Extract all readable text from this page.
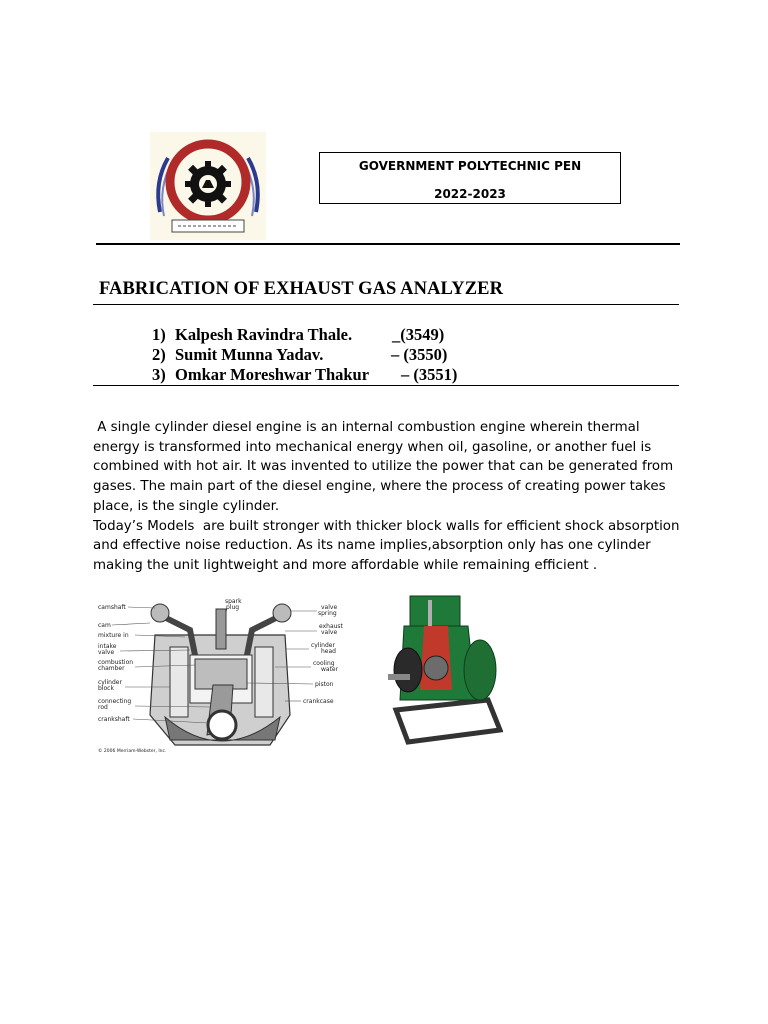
GOVERNMENT POLYTECHNIC PEN
2022-2023
FABRICATION OF EXHAUST GAS ANALYZER
1) Kalpesh Ravindra Thale. _(3549)
2) Sumit Munna Yadav.	– (3550)
3) Omkar Moreshwar Thakur – (3551)

A single cylinder diesel engine is an internal combustion engine wherein thermal
energy is transformed into mechanical energy when oil, gasoline, or another fuel is
combined with hot air. It was invented to utilize the power that can be generated from
gases. The main part of the diesel engine, where the process of creating power takes
place, is the single cylinder.

Today’s Models  are built stronger with thicker block walls for efficient shock absorption
and effective noise reduction. As its name implies,absorption only has one cylinder
making the unit lightweight and more affordable while remaining efficient .

camshaft
cam
mixture in
intake
valve
combustion
chamber
cylinder
block
connecting
rod
crankshaft
valve
spring
exhaust
valve
cylinder
head
cooling
water
piston
crankcase
spark
plug
© 2006 Merriam-Webster, Inc.
